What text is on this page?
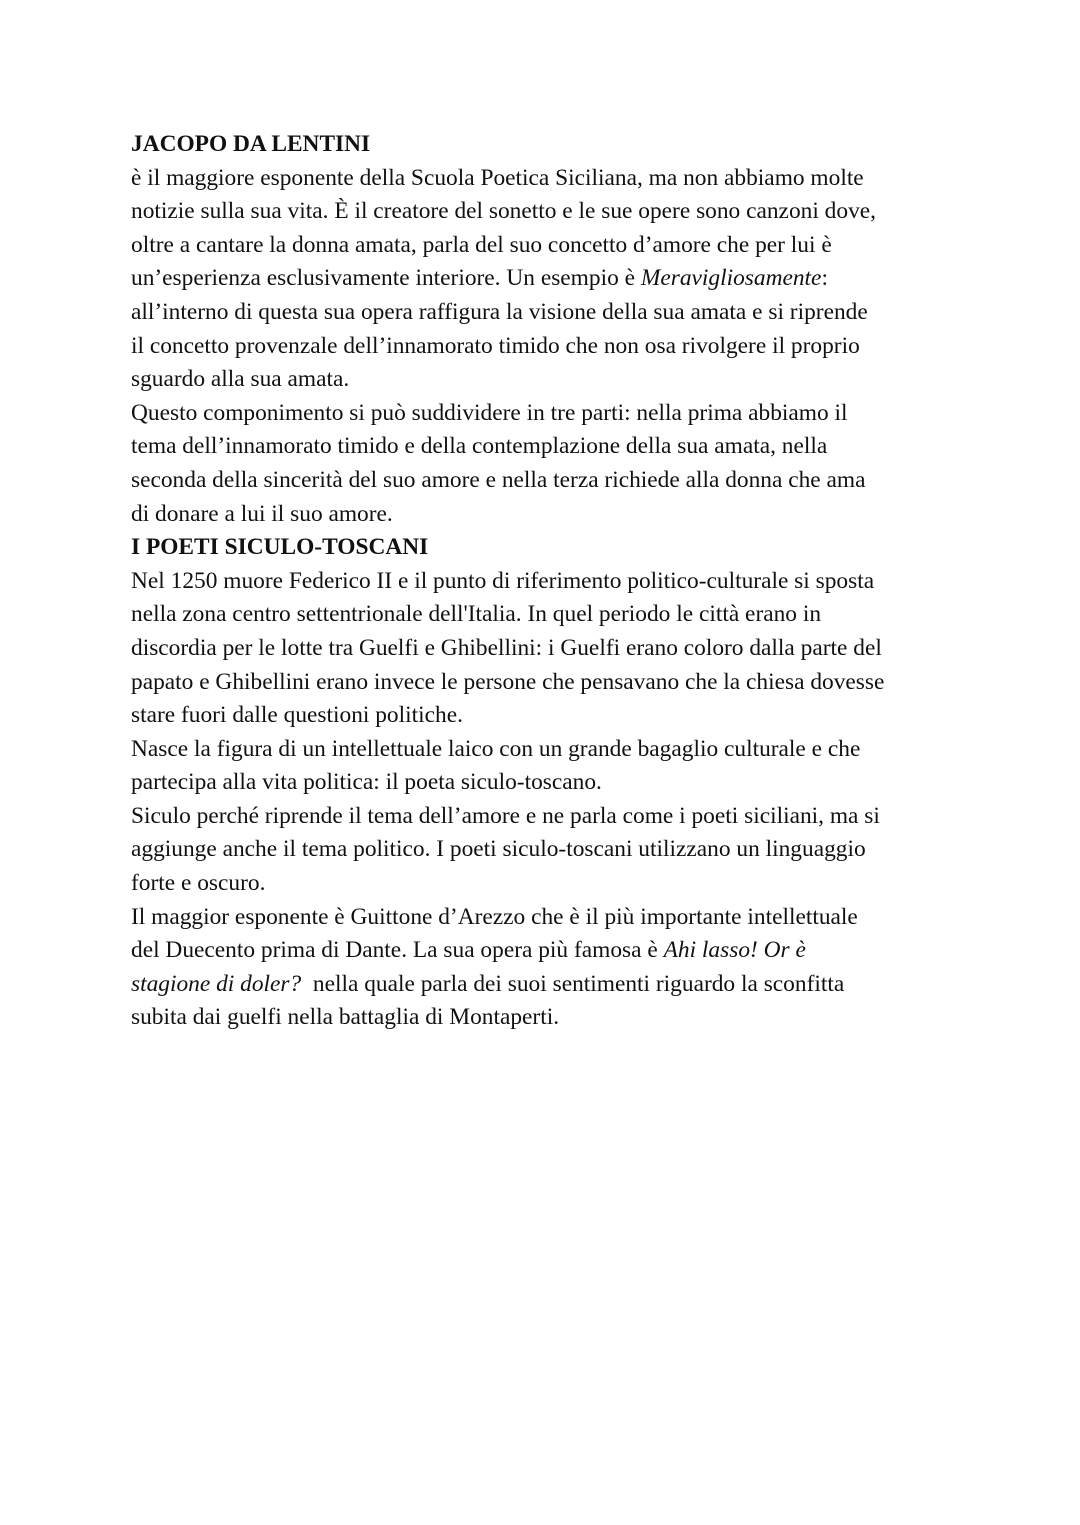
JACOPO DA LENTINI
è il maggiore esponente della Scuola Poetica Siciliana, ma non abbiamo molte
notizie sulla sua vita. È il creatore del sonetto e le sue opere sono canzoni dove,
oltre a cantare la donna amata, parla del suo concetto d’amore che per lui è
un’esperienza esclusivamente interiore. Un esempio è Meravigliosamente:
all’interno di questa sua opera raffigura la visione della sua amata e si riprende
il concetto provenzale dell’innamorato timido che non osa rivolgere il proprio
sguardo alla sua amata.
Questo componimento si può suddividere in tre parti: nella prima abbiamo il
tema dell’innamorato timido e della contemplazione della sua amata, nella
seconda della sincerità del suo amore e nella terza richiede alla donna che ama
di donare a lui il suo amore.
I POETI SICULO-TOSCANI
Nel 1250 muore Federico II e il punto di riferimento politico-culturale si sposta
nella zona centro settentrionale dell'Italia. In quel periodo le città erano in
discordia per le lotte tra Guelfi e Ghibellini: i Guelfi erano coloro dalla parte del
papato e Ghibellini erano invece le persone che pensavano che la chiesa dovesse
stare fuori dalle questioni politiche.
Nasce la figura di un intellettuale laico con un grande bagaglio culturale e che
partecipa alla vita politica: il poeta siculo-toscano.
Siculo perché riprende il tema dell’amore e ne parla come i poeti siciliani, ma si
aggiunge anche il tema politico. I poeti siculo-toscani utilizzano un linguaggio
forte e oscuro.
Il maggior esponente è Guittone d’Arezzo che è il più importante intellettuale
del Duecento prima di Dante. La sua opera più famosa è Ahi lasso! Or è
stagione di doler?  nella quale parla dei suoi sentimenti riguardo la sconfitta
subita dai guelfi nella battaglia di Montaperti.
